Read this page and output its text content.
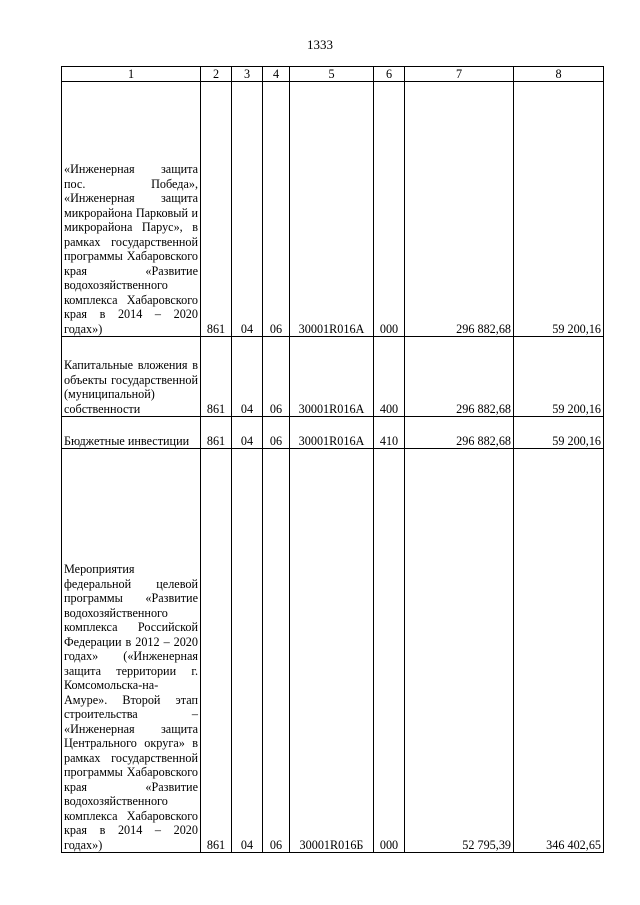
1333
1	2	3	4	5	6	7	8

«Инженерная защита пос. Победа», «Инженерная защита микрорайона Парковый и микрорайона Парус», в рамках государственной программы Хабаровского края «Развитие водохозяйственного комплекса Хабаровского края в 2014 – 2020 годах»)	861	04	06	30001R016A	000	296 882,68	59 200,16

Капитальные вложения в объекты государственной (муниципальной) собственности	861	04	06	30001R016A	400	296 882,68	59 200,16

Бюджетные инвестиции	861	04	06	30001R016A	410	296 882,68	59 200,16

Мероприятия федеральной целевой программы «Развитие водохозяйственного комплекса Российской Федерации в 2012 – 2020 годах» («Инженерная защита территории г. Комсомольска-на-Амуре». Второй этап строительства – «Инженерная защита Центрального округа» в рамках государственной программы Хабаровского края «Развитие водохозяйственного комплекса Хабаровского края в 2014 – 2020 годах»)	861	04	06	30001R016Б	000	52 795,39	346 402,65
